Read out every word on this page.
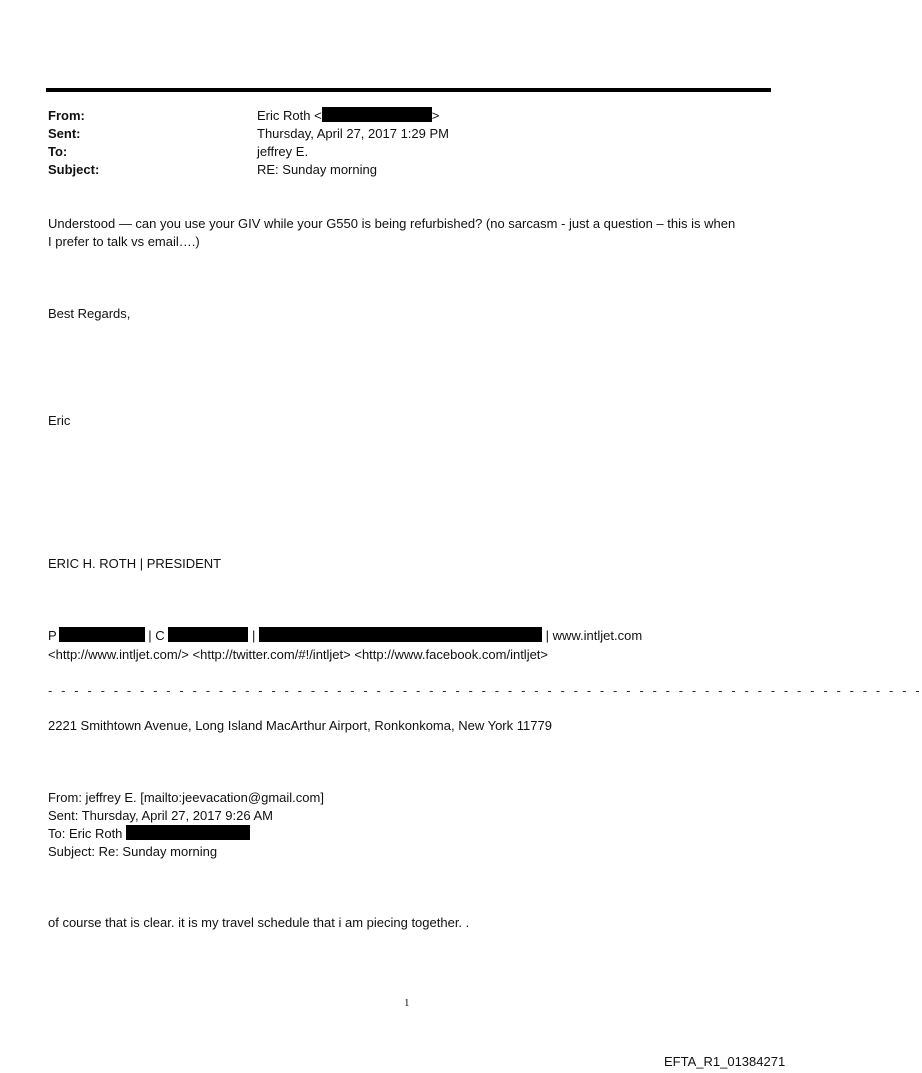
From:	Eric Roth <	>
Sent:	Thursday, April 27, 2017 1:29 PM
To:	jeffrey E.
Subject:	RE: Sunday morning
Understood — can you use your GIV while your G550 is being refurbished? (no sarcasm - just a question – this is when
I prefer to talk vs email….)
Best Regards,
Eric
ERIC H. ROTH | PRESIDENT
P	| C	|	| www.intljet.com
<http://www.intljet.com/> <http://twitter.com/#!/intljet> <http://www.facebook.com/intljet>
- - - - - - - - - - - - - - - - - - - - - - - - - - - - - - - - - - - - - - - - - - - - - - - - - - - - - - - - - - - - - - - - - - -
2221 Smithtown Avenue, Long Island MacArthur Airport, Ronkonkoma, New York 11779
From: jeffrey E. [mailto:jeevacation@gmail.com]
Sent: Thursday, April 27, 2017 9:26 AM
To: Eric Roth
Subject: Re: Sunday morning
of course that is clear. it is my travel schedule that i am piecing together. .
1
EFTA_R1_01384271
